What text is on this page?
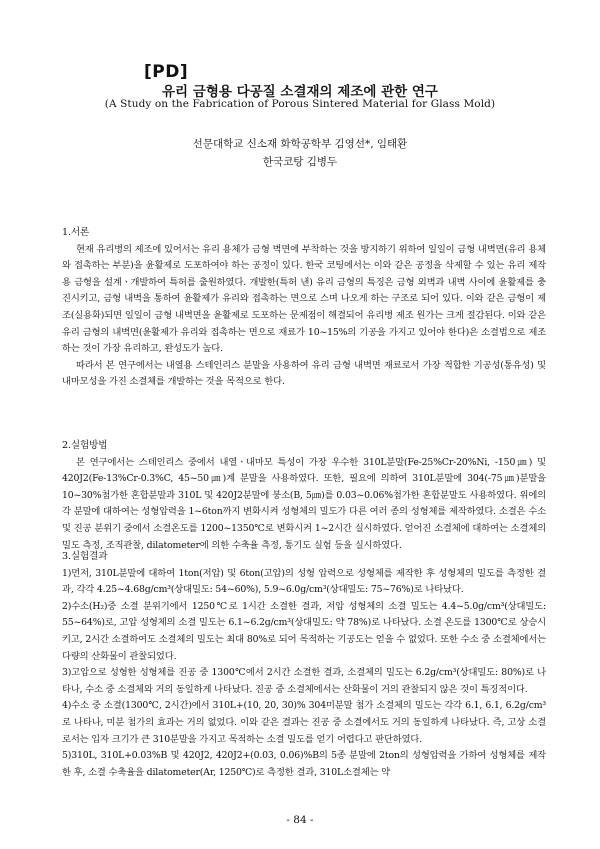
[PD]
유리 금형용 다공질 소결재의 제조에 관한 연구
(A Study on the Fabrication of Porous Sintered Material for Glass Mold)
선문대학교 신소재 화학공학부 김영선*, 임태환
한국코탕 김병두

1.서론

현재 유리병의 제조에 있어서는 유리 용체가 금형 벽면에 부착하는 것을 방지하기 위하여 일일이 금형 내벽면(유리 용체와 접촉하는 부분)을 윤활제로 도포하여야 하는 공정이 있다. 한국 코팅에서는 이와 같은 공정을 삭제할 수 있는 유리 제작용 금형을 설계ㆍ개발하여 특허를 출원하였다. 개발한(특허 낸) 유리 금형의 특징은 금형 외벽과 내벽 사이에 윤활제를 충진시키고, 금형 내벽을 통하여 윤활제가 유리와 접촉하는 면으로 스며 나오게 하는 구조로 되어 있다. 이와 같은 금형이 제조(실용화)되면 일일이 금형 내벽면을 윤활제로 도포하는 문제점이 해결되어 유리병 제조 원가는 크게 절감된다. 이와 같은 유리 금형의 내벽면(윤활제가 유리와 접촉하는 면으로 재료가 10~15%의 기공을 가지고 있어야 한다)은 소결법으로 제조하는 것이 가장 유리하고, 완성도가 높다.

따라서 본 연구에서는 내열용 스테인리스 분말을 사용하여 유리 금형 내벽면 재료로서 가장 적합한 기공성(통유성) 및 내마모성을 가진 소결체를 개발하는 것을 목적으로 한다.

2.실험방법

본 연구에서는 스테인리스 중에서 내열ㆍ내마모 특성이 가장 우수한 310L분말(Fe-25%Cr-20%Ni, -150㎛) 및 420J2(Fe-13%Cr-0.3%C, 45~50㎛)계 분말을 사용하였다. 또한, 필요에 의하여 310L분말에 304(-75㎛)분말을 10~30%첨가한 혼합분말과 310L 및 420J2분말에 붕소(B, 5㎛)를 0.03~0.06%첨가한 혼합분말도 사용하였다. 위에의 각 분말에 대하여는 성형압력을 1~6ton까지 변화시켜 성형체의 밀도가 다른 여러 종의 성형체를 제작하였다. 소결은 수소 및 진공 분위기 중에서 소결온도를 1200~1350℃로 변화시켜 1~2시간 실시하였다. 얻어진 소결체에 대하여는 소결체의 밀도 측정, 조직관찰, dilatometer에 의한 수축율 측정, 통기도 실험 등을 실시하였다.

3.실험결과

1)먼저, 310L분말에 대하여 1ton(저압) 및 6ton(고압)의 성형 압력으로 성형체를 제작한 후 성형체의 밀도를 측정한 결과, 각각 4.25~4.68g/cm³(상대밀도: 54~60%), 5.9~6.0g/cm³(상대밀도: 75~76%)로 나타났다.

2)수소(H₂)중 소결 분위기에서 1250℃로 1시간 소결한 결과, 저압 성형체의 소결 밀도는 4.4~5.0g/cm³(상대밀도: 55~64%)로, 고압 성형체의 소결 밀도는 6.1~6.2g/cm³(상대밀도: 약 78%)로 나타났다. 소결 온도를 1300℃로 상승시키고, 2시간 소결하여도 소결체의 밀도는 최대 80%로 되어 목적하는 기공도는 얻을 수 없었다. 또한 수소 중 소결체에서는 다량의 산화물이 관찰되었다.

3)고압으로 성형한 성형체를 진공 중 1300℃에서 2시간 소결한 결과, 소결체의 밀도는 6.2g/cm³(상대밀도: 80%)로 나타나, 수소 중 소결체와 거의 동일하게 나타났다. 진공 중 소결체에서는 산화물이 거의 관찰되지 않은 것이 특징적이다.

4)수소 중 소결(1300℃, 2시간)에서 310L+(10, 20, 30)% 304미분말 첨가 소결체의 밀도는 각각 6.1, 6.1, 6.2g/cm³로 나타나, 미분 첨가의 효과는 거의 없었다. 이와 같은 결과는 진공 중 소결에서도 거의 동일하게 나타났다. 즉, 고상 소결로서는 입자 크기가 큰 310분말을 가지고 목적하는 소결 밀도를 얻기 어렵다고 판단하였다.

5)310L, 310L+0.03%B 및 420J2, 420J2+(0.03, 0.06)%B의 5종 분말에 2ton의 성형압력을 가하여 성형체를 제작한 후, 소결 수축율을 dilatometer(Ar, 1250℃)로 측정한 결과, 310L소결체는 약

- 84 -
